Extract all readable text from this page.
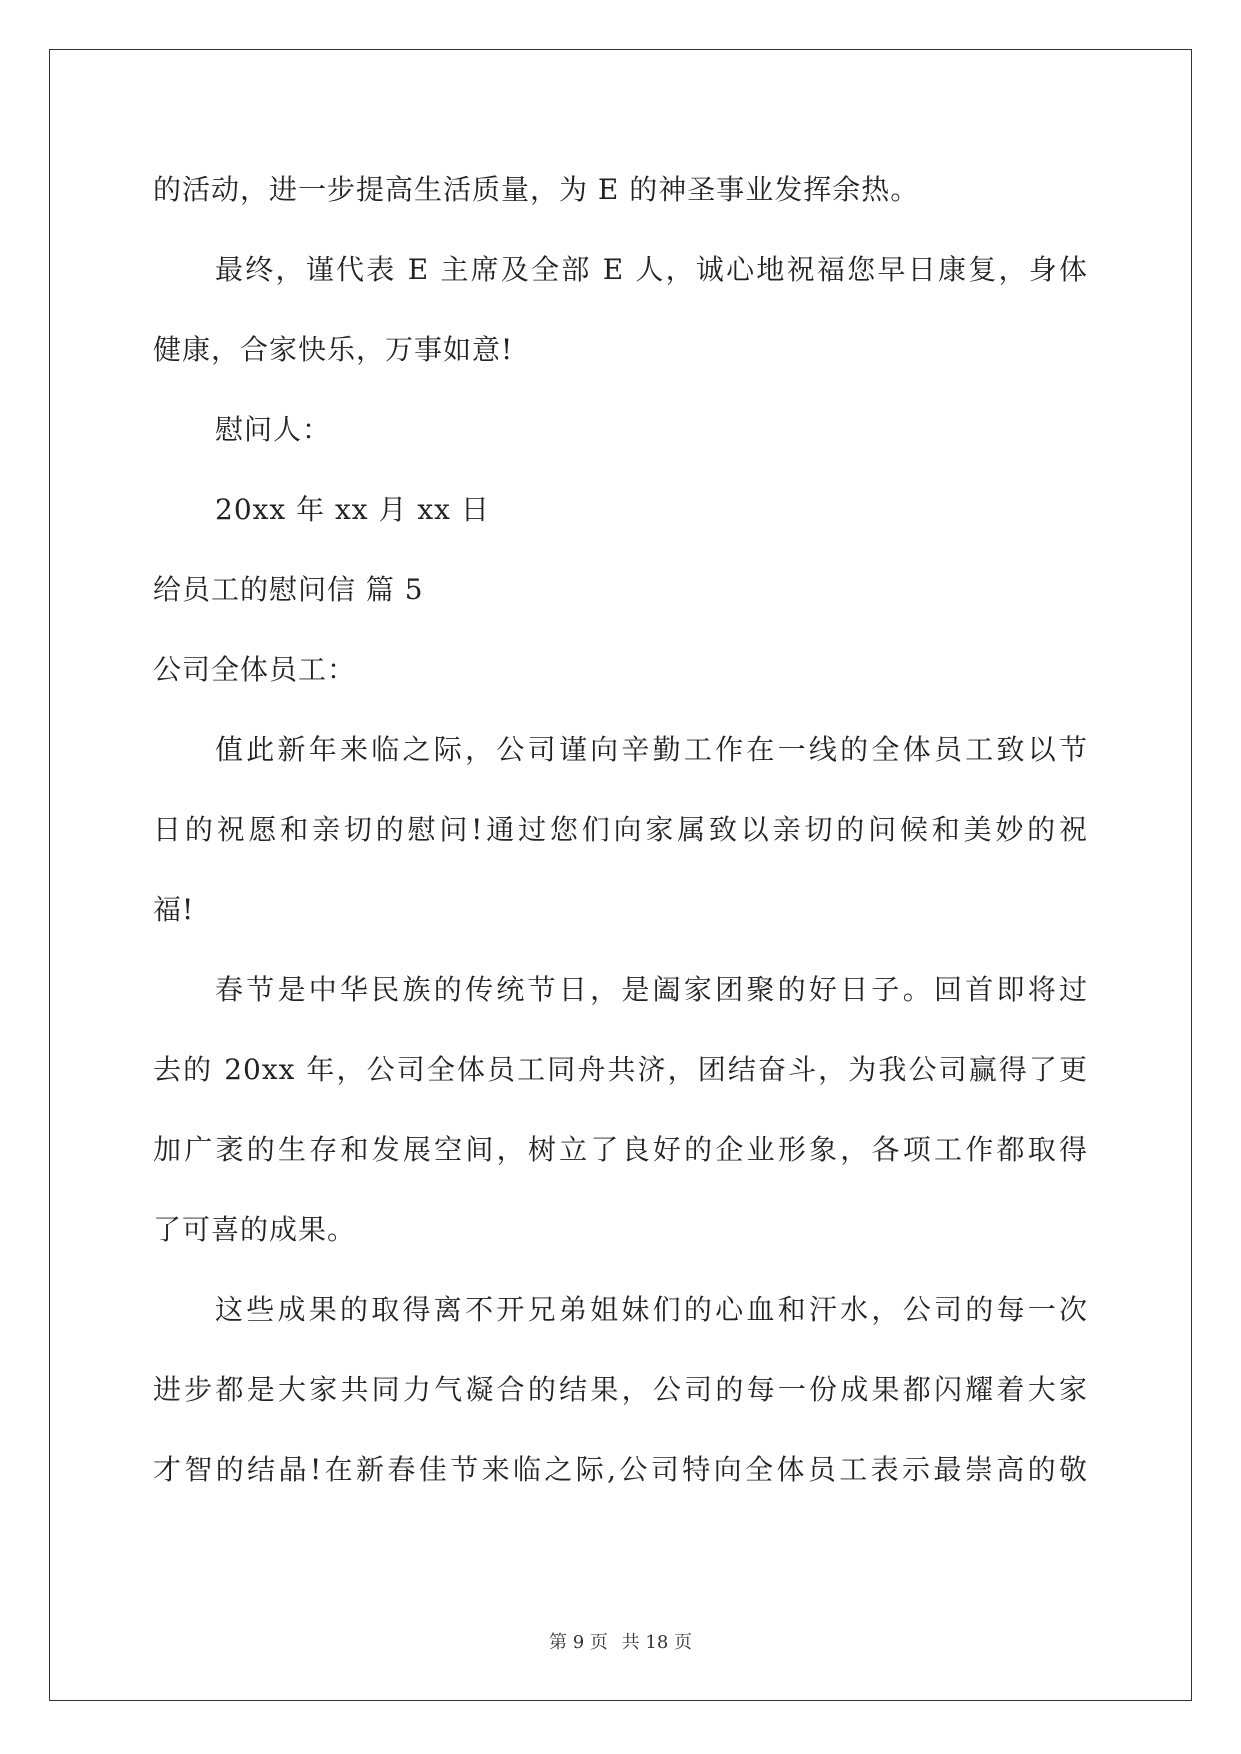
的活动，进一步提高生活质量，为 E 的神圣事业发挥余热。
最终，谨代表 E 主席及全部 E 人，诚心地祝福您早日康复，身体
健康，合家快乐，万事如意!
慰问人：
20xx 年 xx 月 xx 日
给员工的慰问信 篇 5
公司全体员工：
值此新年来临之际，公司谨向辛勤工作在一线的全体员工致以节
日的祝愿和亲切的慰问!通过您们向家属致以亲切的问候和美妙的祝
福!
春节是中华民族的传统节日，是阖家团聚的好日子。回首即将过
去的 20xx 年，公司全体员工同舟共济，团结奋斗，为我公司赢得了更
加广袤的生存和发展空间，树立了良好的企业形象，各项工作都取得
了可喜的成果。
这些成果的取得离不开兄弟姐妹们的心血和汗水，公司的每一次
进步都是大家共同力气凝合的结果，公司的每一份成果都闪耀着大家
才智的结晶!在新春佳节来临之际,公司特向全体员工表示最崇高的敬
第 9 页 共 18 页
